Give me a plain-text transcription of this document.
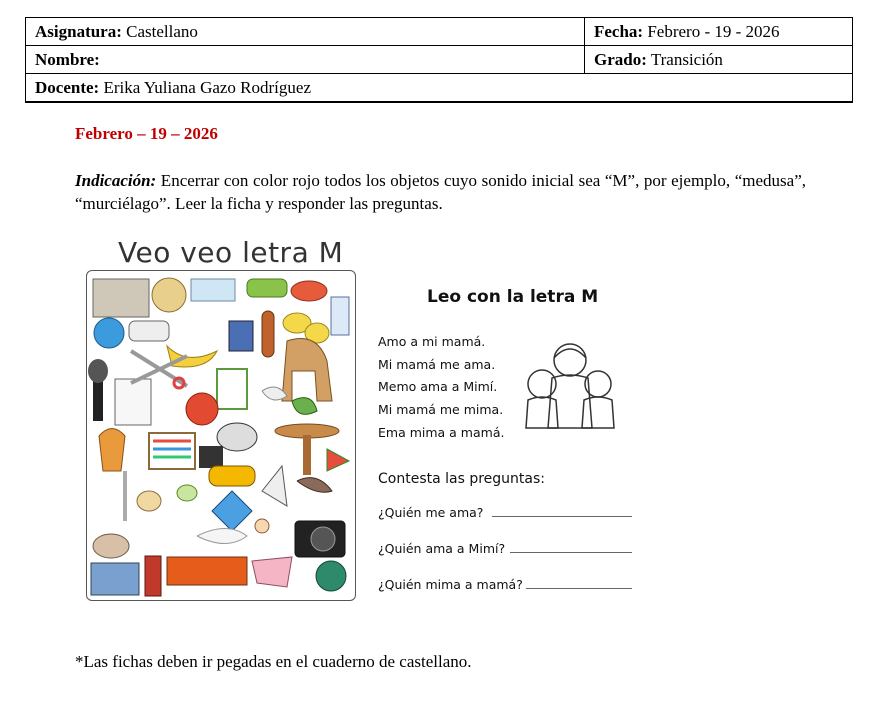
Asignatura: Castellano	Fecha: Febrero - 19 - 2026
Nombre:	Grado: Transición
Docente: Erika Yuliana Gazo Rodríguez	
Febrero – 19 – 2026
Indicación: Encerrar con color rojo todos los objetos cuyo sonido inicial sea “M”, por ejemplo, “medusa”, “murciélago”. Leer la ficha y responder las preguntas.
Veo veo letra M
Leo con la letra M
Amo a mi mamá.
Mi mamá me ama.
Memo ama a Mimí.
Mi mamá me mima.
Ema mima a mamá.
Contesta las preguntas:
¿Quién me ama?
¿Quién ama a Mimí?
¿Quién mima a mamá?
*Las fichas deben ir pegadas en el cuaderno de castellano.
